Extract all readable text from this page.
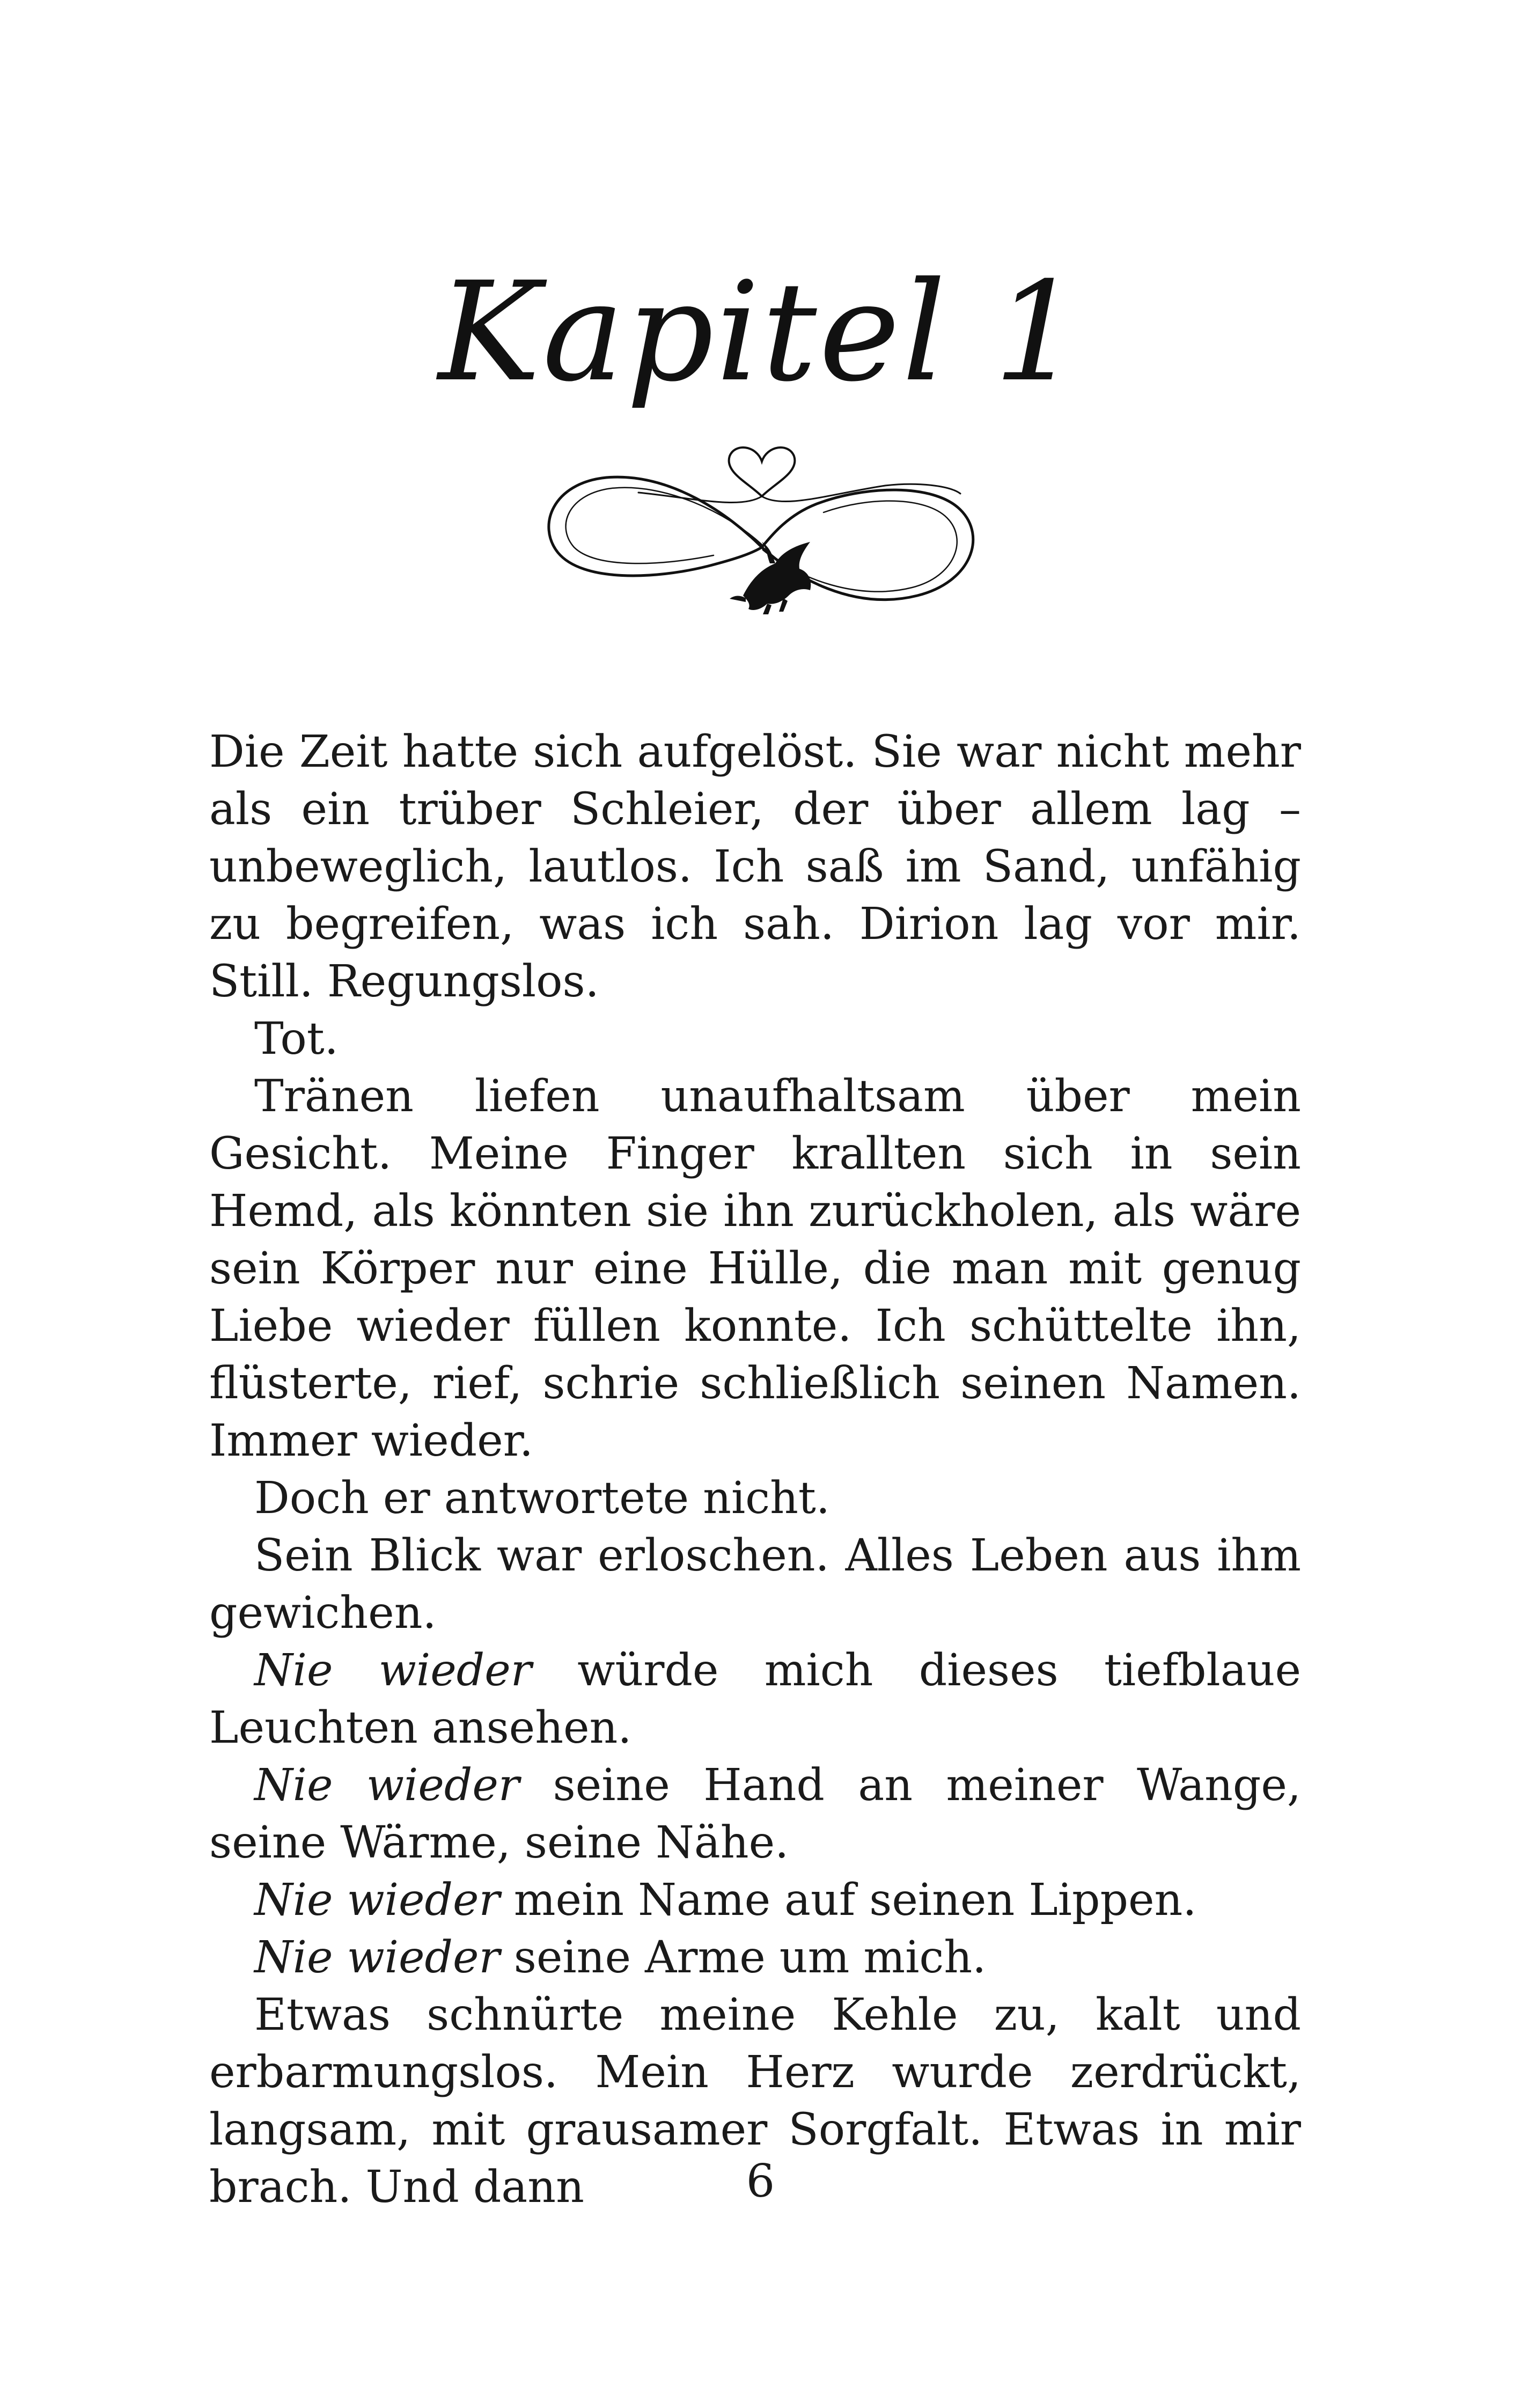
Kapitel 1

Die Zeit hatte sich aufgelöst. Sie war nicht mehr als ein trüber Schleier, der über allem lag – unbeweglich, lautlos. Ich saß im Sand, unfähig zu begreifen, was ich sah. Dirion lag vor mir. Still. Regungslos.

Tot.

Tränen liefen unaufhaltsam über mein Gesicht. Meine Finger krallten sich in sein Hemd, als könnten sie ihn zurückholen, als wäre sein Körper nur eine Hülle, die man mit genug Liebe wieder füllen konnte. Ich schüttelte ihn, flüsterte, rief, schrie schließlich seinen Namen. Immer wieder.

Doch er antwortete nicht.

Sein Blick war erloschen. Alles Leben aus ihm gewichen.

Nie wieder würde mich dieses tiefblaue Leuchten ansehen.

Nie wieder seine Hand an meiner Wange, seine Wärme, seine Nähe.

Nie wieder mein Name auf seinen Lippen.

Nie wieder seine Arme um mich.

Etwas schnürte meine Kehle zu, kalt und erbarmungslos. Mein Herz wurde zerdrückt, langsam, mit grausamer Sorgfalt. Etwas in mir brach. Und dann	6
